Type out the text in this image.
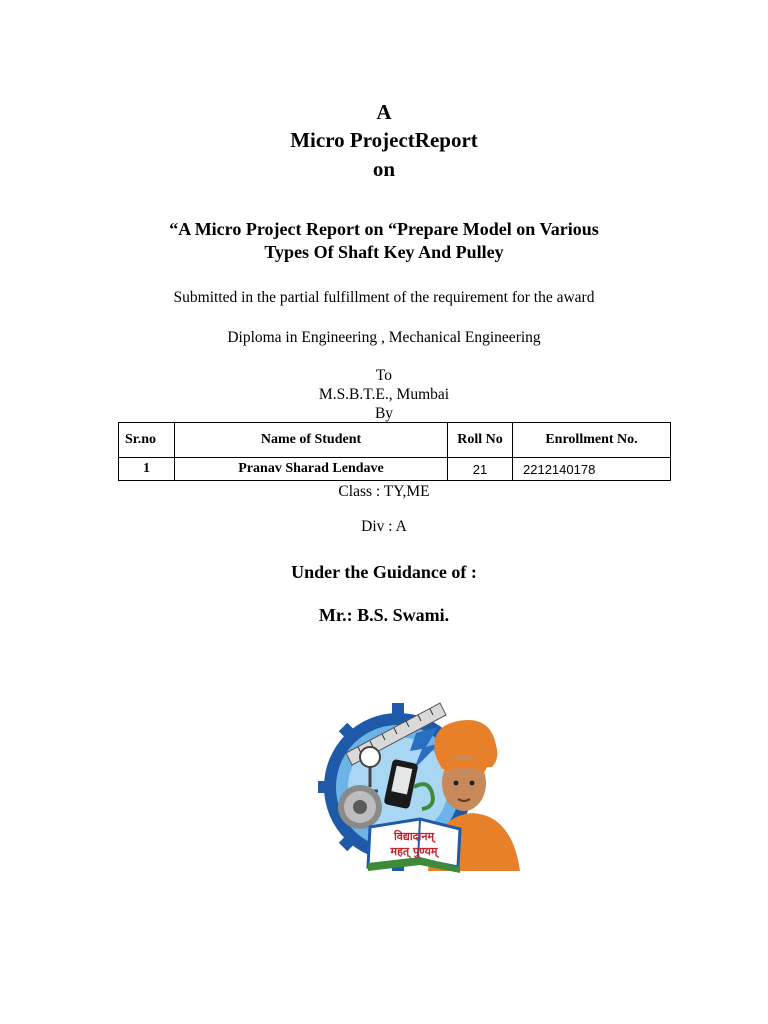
A
Micro ProjectReport
on
“A Micro Project Report on “Prepare Model on Various
Types Of Shaft Key And Pulley
Submitted in the partial fulfillment of the requirement for the award
Diploma in Engineering , Mechanical Engineering
To
M.S.B.T.E., Mumbai
By
Sr.no	Name of Student	Roll No	Enrollment No.
1	Pranav Sharad Lendave	21	2212140178
Class : TY,ME
Div : A
Under the Guidance of :
Mr.: B.S. Swami.
विद्यादानम्
महत् पुण्यम्
